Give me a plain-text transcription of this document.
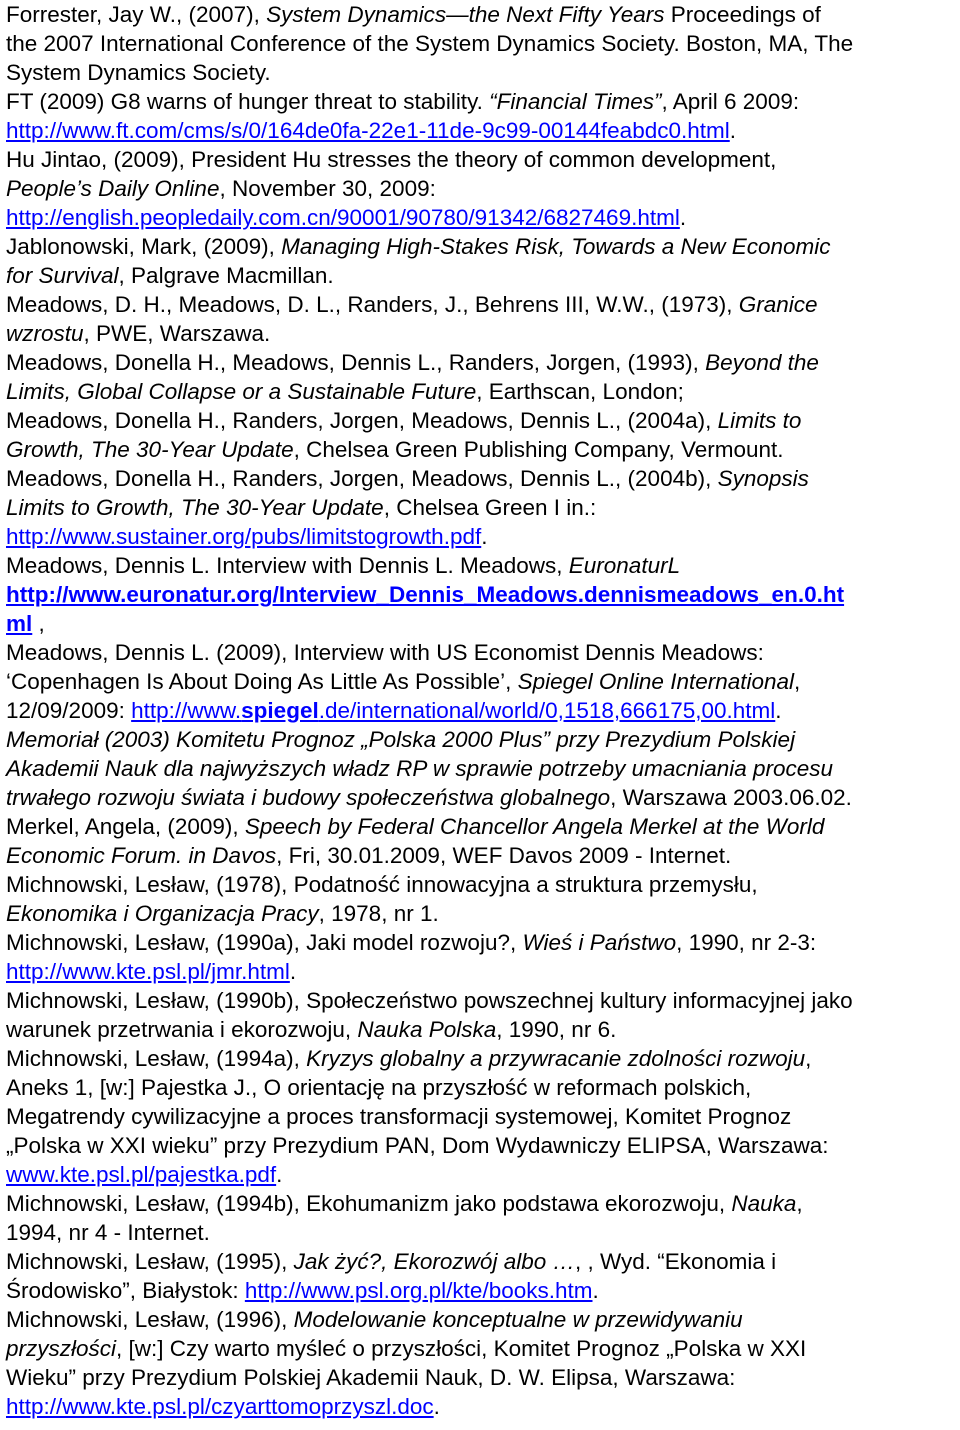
Forrester, Jay W., (2007), System Dynamics—the Next Fifty Years Proceedings of
the 2007 International Conference of the System Dynamics Society. Boston, MA, The
System Dynamics Society.
FT (2009) G8 warns of hunger threat to stability. “Financial Times”, April 6 2009:
http://www.ft.com/cms/s/0/164de0fa-22e1-11de-9c99-00144feabdc0.html.
Hu Jintao, (2009), President Hu stresses the theory of common development,
People’s Daily Online, November 30, 2009:
http://english.peopledaily.com.cn/90001/90780/91342/6827469.html.
Jablonowski, Mark, (2009), Managing High-Stakes Risk, Towards a New Economic
for Survival, Palgrave Macmillan.
Meadows, D. H., Meadows, D. L., Randers, J., Behrens III, W.W., (1973), Granice
wzrostu, PWE, Warszawa.
Meadows, Donella H., Meadows, Dennis L., Randers, Jorgen, (1993), Beyond the
Limits, Global Collapse or a Sustainable Future, Earthscan, London;
Meadows, Donella H., Randers, Jorgen, Meadows, Dennis L., (2004a), Limits to
Growth, The 30-Year Update, Chelsea Green Publishing Company, Vermount.
Meadows, Donella H., Randers, Jorgen, Meadows, Dennis L., (2004b), Synopsis
Limits to Growth, The 30-Year Update, Chelsea Green I in.:
http://www.sustainer.org/pubs/limitstogrowth.pdf.
Meadows, Dennis L. Interview with Dennis L. Meadows, EuronaturL
http://www.euronatur.org/Interview_Dennis_Meadows.dennismeadows_en.0.ht
ml ,
Meadows, Dennis L. (2009), Interview with US Economist Dennis Meadows:
‘Copenhagen Is About Doing As Little As Possible’, Spiegel Online International,
12/09/2009: http://www.spiegel.de/international/world/0,1518,666175,00.html.
Memoriał (2003) Komitetu Prognoz „Polska 2000 Plus” przy Prezydium Polskiej
Akademii Nauk dla najwyższych władz RP w sprawie potrzeby umacniania procesu
trwałego rozwoju świata i budowy społeczeństwa globalnego, Warszawa 2003.06.02.
Merkel, Angela, (2009), Speech by Federal Chancellor Angela Merkel at the World
Economic Forum. in Davos, Fri, 30.01.2009, WEF Davos 2009 - Internet.
Michnowski, Lesław, (1978), Podatność innowacyjna a struktura przemysłu,
Ekonomika i Organizacja Pracy, 1978, nr 1.
Michnowski, Lesław, (1990a), Jaki model rozwoju?, Wieś i Państwo, 1990, nr 2-3:
http://www.kte.psl.pl/jmr.html.
Michnowski, Lesław, (1990b), Społeczeństwo powszechnej kultury informacyjnej jako
warunek przetrwania i ekorozwoju, Nauka Polska, 1990, nr 6.
Michnowski, Lesław, (1994a), Kryzys globalny a przywracanie zdolności rozwoju,
Aneks 1, [w:] Pajestka J., O orientację na przyszłość w reformach polskich,
Megatrendy cywilizacyjne a proces transformacji systemowej, Komitet Prognoz
„Polska w XXI wieku” przy Prezydium PAN, Dom Wydawniczy ELIPSA, Warszawa:
www.kte.psl.pl/pajestka.pdf.
Michnowski, Lesław, (1994b), Ekohumanizm jako podstawa ekorozwoju, Nauka,
1994, nr 4 - Internet.
Michnowski, Lesław, (1995), Jak żyć?, Ekorozwój albo …, , Wyd. “Ekonomia i
Środowisko”, Białystok: http://www.psl.org.pl/kte/books.htm.
Michnowski, Lesław, (1996), Modelowanie konceptualne w przewidywaniu
przyszłości, [w:] Czy warto myśleć o przyszłości, Komitet Prognoz „Polska w XXI
Wieku” przy Prezydium Polskiej Akademii Nauk, D. W. Elipsa, Warszawa:
http://www.kte.psl.pl/czyarttomoprzyszl.doc.
